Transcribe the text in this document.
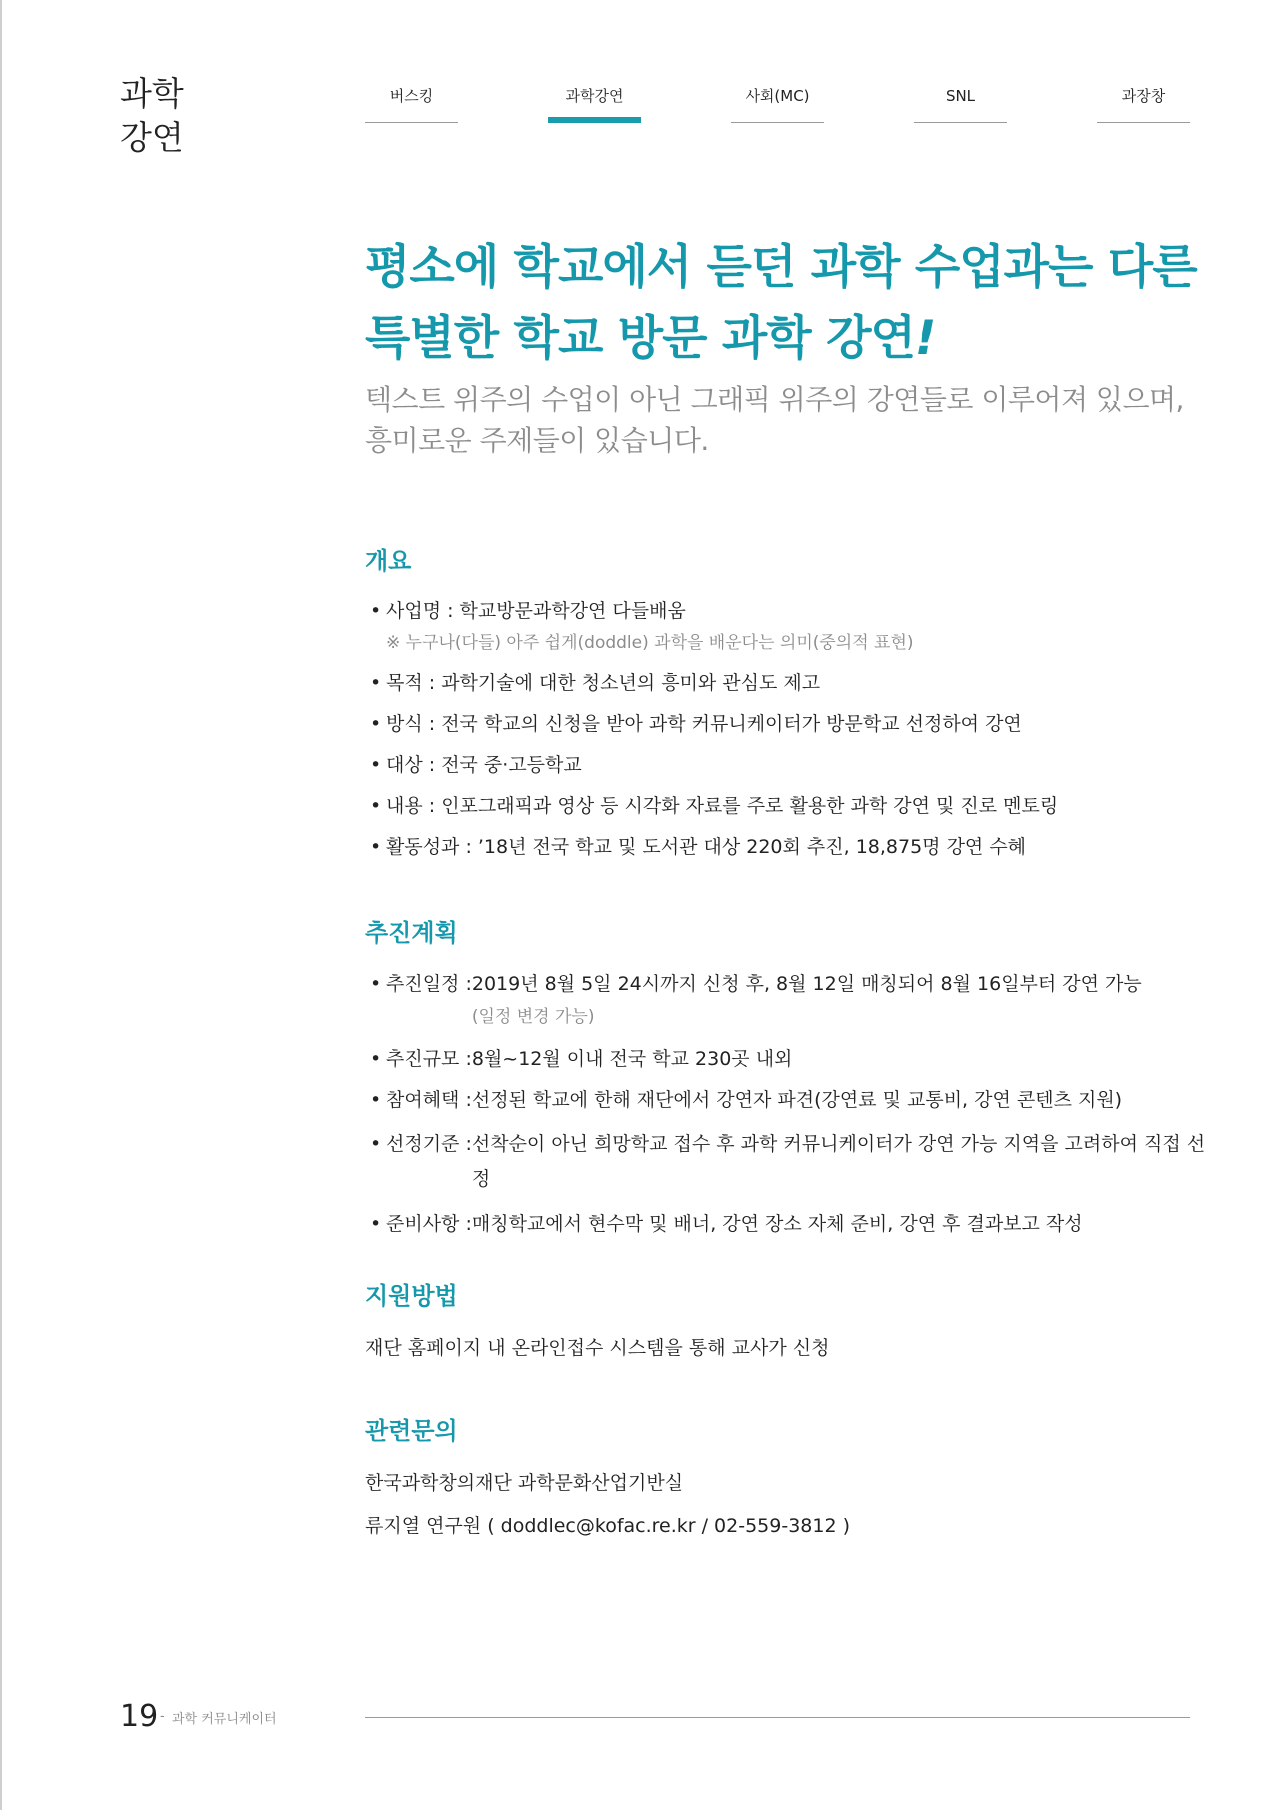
과학
강연
버스킹	과학강연	사회(MC)	SNL	과장창
평소에 학교에서 듣던 과학 수업과는 다른
특별한 학교 방문 과학 강연!

텍스트 위주의 수업이 아닌 그래픽 위주의 강연들로 이루어져 있으며,
흥미로운 주제들이 있습니다.

개요
• 사업명 : 학교방문과학강연 다들배움
※ 누구나(다들) 아주 쉽게(doddle) 과학을 배운다는 의미(중의적 표현)
• 목적 : 과학기술에 대한 청소년의 흥미와 관심도 제고
• 방식 : 전국 학교의 신청을 받아 과학 커뮤니케이터가 방문학교 선정하여 강연
• 대상 : 전국 중·고등학교
• 내용 : 인포그래픽과 영상 등 시각화 자료를 주로 활용한 과학 강연 및 진로 멘토링
• 활동성과 : ’18년 전국 학교 및 도서관 대상 220회 추진, 18,875명 강연 수혜
추진계획
• 추진일정 : 2019년 8월 5일 24시까지 신청 후, 8월 12일 매칭되어 8월 16일부터 강연 가능
(일정 변경 가능)
• 추진규모 : 8월~12월 이내 전국 학교 230곳 내외
• 참여혜택 : 선정된 학교에 한해 재단에서 강연자 파견(강연료 및 교통비, 강연 콘텐츠 지원)
• 선정기준 : 선착순이 아닌 희망학교 접수 후 과학 커뮤니케이터가 강연 가능 지역을 고려하여 직접 선정
• 준비사항 : 매칭학교에서 현수막 및 배너, 강연 장소 자체 준비, 강연 후 결과보고 작성
지원방법

재단 홈페이지 내 온라인접수 시스템을 통해 교사가 신청

관련문의

한국과학창의재단 과학문화산업기반실

류지열 연구원 ( doddlec@kofac.re.kr / 02-559-3812 )

19 - 과학 커뮤니케이터
